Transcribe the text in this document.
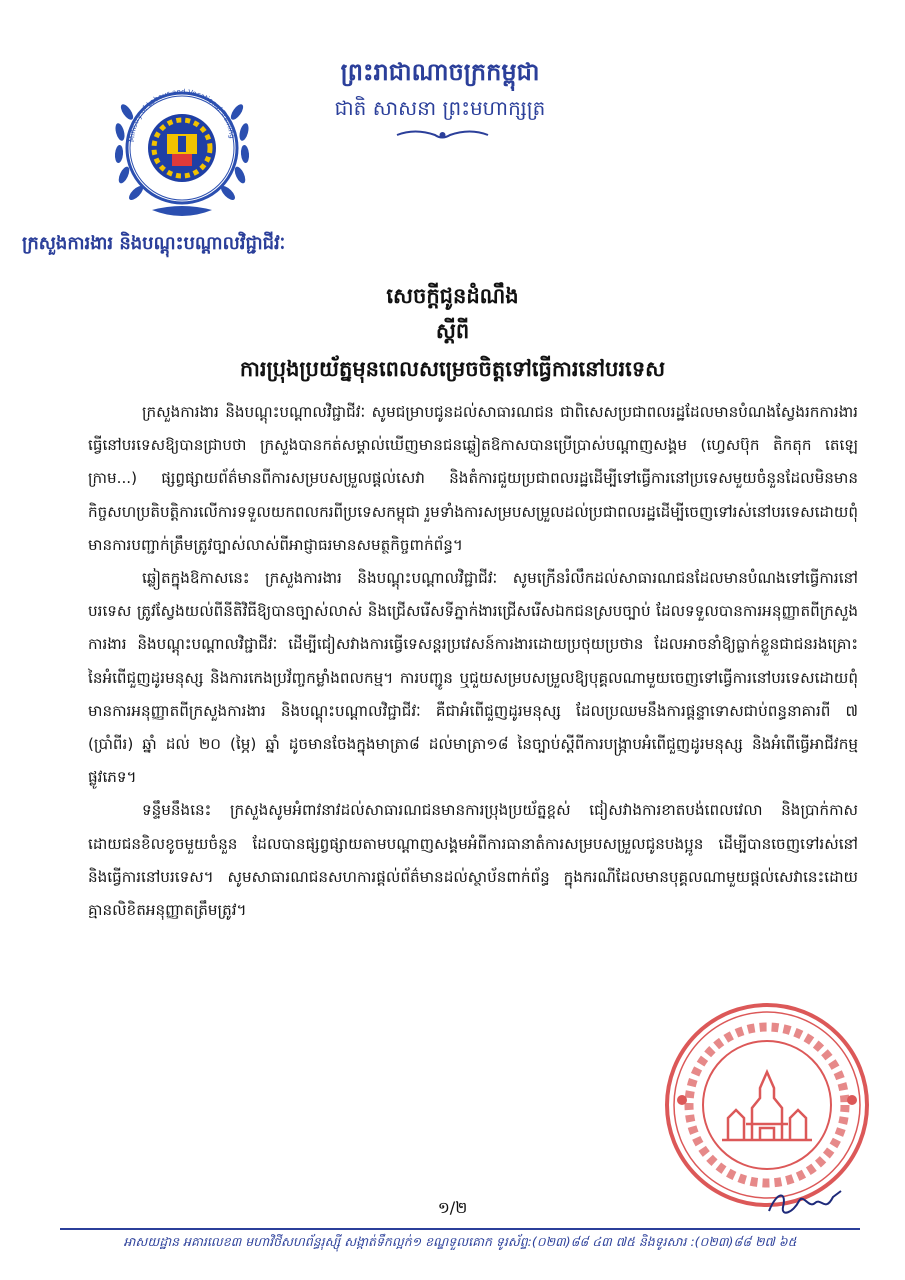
Ministry of Labour and Vocational Training
ព្រះរាជាណាចក្រកម្ពុជា
ជាតិ សាសនា ព្រះមហាក្សត្រ
ក្រសួងការងារ និងបណ្ដុះបណ្ដាលវិជ្ជាជីវៈ
សេចក្ដីជូនដំណឹង
ស្ដីពី
ការប្រុងប្រយ័ត្នមុនពេលសម្រេចចិត្តទៅធ្វើការនៅបរទេស

ក្រសួងការងារ និងបណ្ដុះបណ្ដាលវិជ្ជាជីវៈ សូមជម្រាបជូនដល់សាធារណជន ជាពិសេសប្រជាពលរដ្ឋដែលមានបំណងស្វែងរកការងារធ្វើនៅបរទេសឱ្យបានជ្រាបថា ក្រសួងបានកត់សម្គាល់ឃើញមានជនឆ្លៀតឱកាសបានប្រើប្រាស់បណ្ដាញសង្គម (ហ្វេសប៊ុក តិកតុក តេឡេក្រាម...) ផ្សព្វផ្សាយព័ត៌មានពីការសម្របសម្រួលផ្ដល់សេវា និងតំការជួយប្រជាពលរដ្ឋដើម្បីទៅធ្វើការនៅប្រទេសមួយចំនួនដែលមិនមានកិច្ចសហប្រតិបត្តិការលើការទទួលយកពលករពីប្រទេសកម្ពុជា រួមទាំងការសម្របសម្រួលដល់ប្រជាពលរដ្ឋដើម្បីចេញទៅរស់នៅបរទេសដោយពុំមានការបញ្ជាក់ត្រឹមត្រូវច្បាស់លាស់ពីអាជ្ញាធរមានសមត្ថកិច្ចពាក់ព័ន្ធ។

ឆ្លៀតក្នុងឱកាសនេះ ក្រសួងការងារ និងបណ្ដុះបណ្ដាលវិជ្ជាជីវៈ សូមក្រើនរំលឹកដល់សាធារណជនដែលមានបំណងទៅធ្វើការនៅបរទេស ត្រូវស្វែងយល់ពីនីតិវិធីឱ្យបានច្បាស់លាស់ និងជ្រើសរើសទីភ្នាក់ងារជ្រើសរើសឯកជនស្របច្បាប់ ដែលទទួលបានការអនុញ្ញាតពីក្រសួងការងារ និងបណ្ដុះបណ្ដាលវិជ្ជាជីវៈ ដើម្បីជៀសវាងការធ្វើទេសន្តរប្រវេសន៍ការងារដោយប្រថុយប្រថាន ដែលអាចនាំឱ្យធ្លាក់ខ្លួនជាជនរងគ្រោះ នៃអំពើជួញដូរមនុស្ស និងការកេងប្រវ័ញ្ចកម្លាំងពលកម្ម។ ការបញ្ជូន ឬជួយសម្របសម្រួលឱ្យបុគ្គលណាមួយចេញទៅធ្វើការនៅបរទេសដោយពុំមានការអនុញ្ញាតពីក្រសួងការងារ និងបណ្ដុះបណ្ដាលវិជ្ជាជីវៈ គឺជាអំពើជួញដូរមនុស្ស ដែលប្រឈមនឹងការផ្ដន្ទាទោសជាប់ពន្ធនាគារពី ៧ (ប្រាំពីរ) ឆ្នាំ ដល់ ២០ (ម្ភៃ) ឆ្នាំ ដូចមានចែងក្នុងមាត្រា៨ ដល់មាត្រា១៨ នៃច្បាប់ស្ដីពីការបង្ក្រាបអំពើជួញដូរមនុស្ស និងអំពើធ្វើអាជីវកម្មផ្លូវភេទ។

ទន្ទឹមនឹងនេះ ក្រសួងសូមអំពាវនាវដល់សាធារណជនមានការប្រុងប្រយ័ត្នខ្ពស់ ជៀសវាងការខាតបង់ពេលវេលា និងប្រាក់កាសដោយជនខិលខូចមួយចំនួន ដែលបានផ្សព្វផ្សាយតាមបណ្ដាញសង្គមអំពីការធានាតំការសម្របសម្រួលជូនបងប្អូន ដើម្បីបានចេញទៅរស់នៅ និងធ្វើការនៅបរទេស។ សូមសាធារណជនសហការផ្ដល់ព័ត៌មានដល់ស្ថាប័នពាក់ព័ន្ធ ក្នុងករណីដែលមានបុគ្គលណាមួយផ្ដល់សេវានេះដោយគ្មានលិខិតអនុញ្ញាតត្រឹមត្រូវ។

១/២
អាសយដ្ឋាន អគារលេខ៣ មហាវិថីសហព័ន្ធរុស្ស៊ី សង្កាត់ទឹកល្អក់១ ខណ្ឌទួលគោក ទូរស័ព្ទ:(០២៣)៨៨ ៤៣ ៧៥ និងទូរសារ :(០២៣)៨៨ ២៧ ៦៥
